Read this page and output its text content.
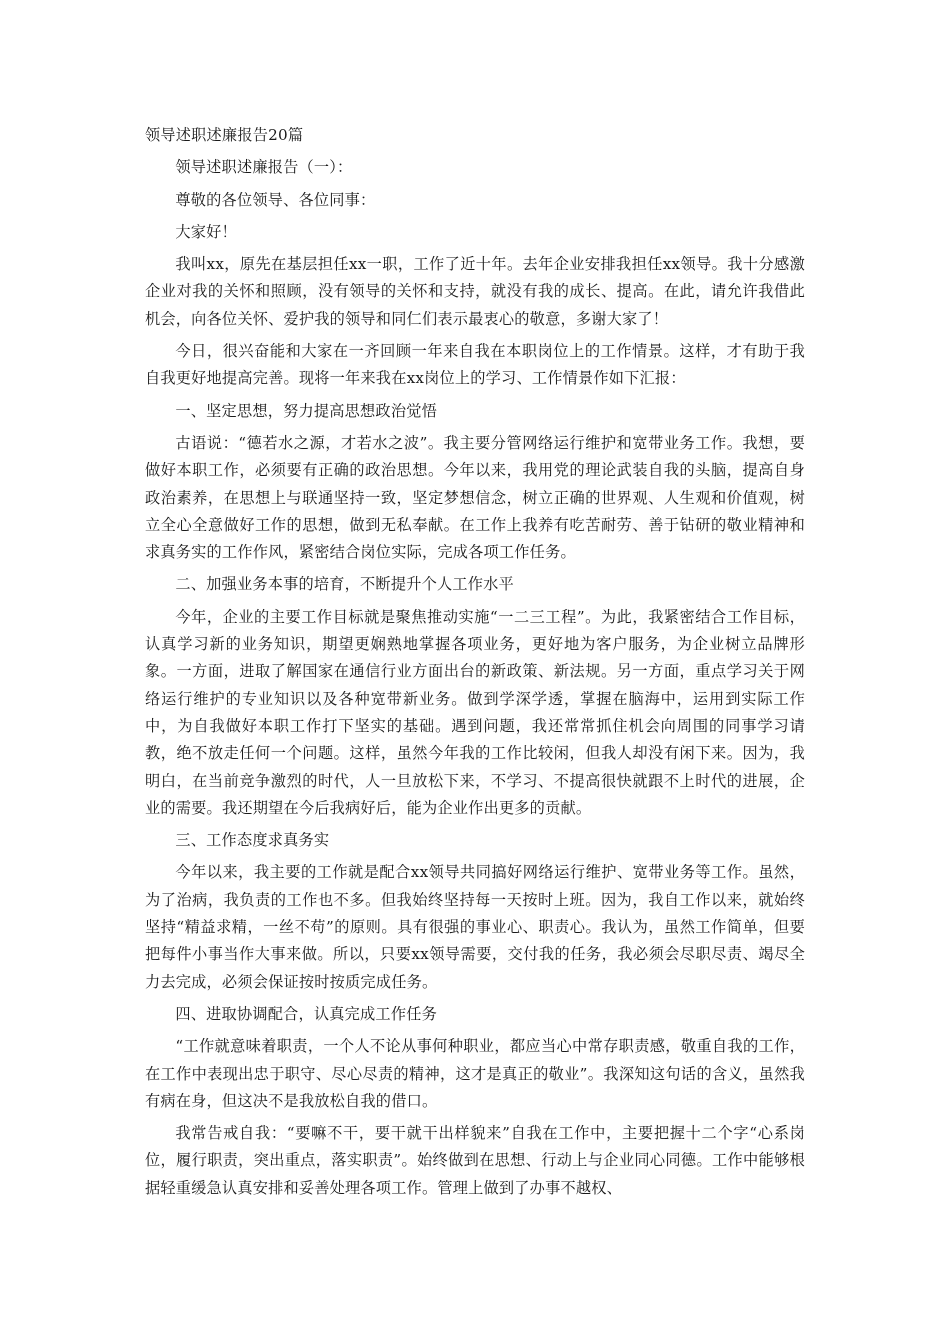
领导述职述廉报告20篇

领导述职述廉报告（一）：

尊敬的各位领导、各位同事：

大家好！

我叫xx，原先在基层担任xx一职，工作了近十年。去年企业安排我担任xx领导。我十分感激企业对我的关怀和照顾，没有领导的关怀和支持，就没有我的成长、提高。在此，请允许我借此机会，向各位关怀、爱护我的领导和同仁们表示最衷心的敬意，多谢大家了！

今日，很兴奋能和大家在一齐回顾一年来自我在本职岗位上的工作情景。这样，才有助于我自我更好地提高完善。现将一年来我在xx岗位上的学习、工作情景作如下汇报：

一、坚定思想，努力提高思想政治觉悟

古语说：“德若水之源，才若水之波”。我主要分管网络运行维护和宽带业务工作。我想，要做好本职工作，必须要有正确的政治思想。今年以来，我用党的理论武装自我的头脑，提高自身政治素养，在思想上与联通坚持一致，坚定梦想信念，树立正确的世界观、人生观和价值观，树立全心全意做好工作的思想，做到无私奉献。在工作上我养有吃苦耐劳、善于钻研的敬业精神和求真务实的工作作风，紧密结合岗位实际，完成各项工作任务。

二、加强业务本事的培育，不断提升个人工作水平

今年，企业的主要工作目标就是聚焦推动实施“一二三工程”。为此，我紧密结合工作目标，认真学习新的业务知识，期望更娴熟地掌握各项业务，更好地为客户服务，为企业树立品牌形象。一方面，进取了解国家在通信行业方面出台的新政策、新法规。另一方面，重点学习关于网络运行维护的专业知识以及各种宽带新业务。做到学深学透，掌握在脑海中，运用到实际工作中，为自我做好本职工作打下坚实的基础。遇到问题，我还常常抓住机会向周围的同事学习请教，绝不放走任何一个问题。这样，虽然今年我的工作比较闲，但我人却没有闲下来。因为，我明白，在当前竞争激烈的时代，人一旦放松下来，不学习、不提高很快就跟不上时代的进展，企业的需要。我还期望在今后我病好后，能为企业作出更多的贡献。

三、工作态度求真务实

今年以来，我主要的工作就是配合xx领导共同搞好网络运行维护、宽带业务等工作。虽然，为了治病，我负责的工作也不多。但我始终坚持每一天按时上班。因为，我自工作以来，就始终坚持“精益求精，一丝不苟”的原则。具有很强的事业心、职责心。我认为，虽然工作简单，但要把每件小事当作大事来做。所以，只要xx领导需要，交付我的任务，我必须会尽职尽责、竭尽全力去完成，必须会保证按时按质完成任务。

四、进取协调配合，认真完成工作任务

“工作就意味着职责，一个人不论从事何种职业，都应当心中常存职责感，敬重自我的工作，在工作中表现出忠于职守、尽心尽责的精神，这才是真正的敬业”。我深知这句话的含义，虽然我有病在身，但这决不是我放松自我的借口。

我常告戒自我：“要嘛不干，要干就干出样貌来”自我在工作中，主要把握十二个字“心系岗位，履行职责，突出重点，落实职责”。始终做到在思想、行动上与企业同心同德。工作中能够根据轻重缓急认真安排和妥善处理各项工作。管理上做到了办事不越权、
